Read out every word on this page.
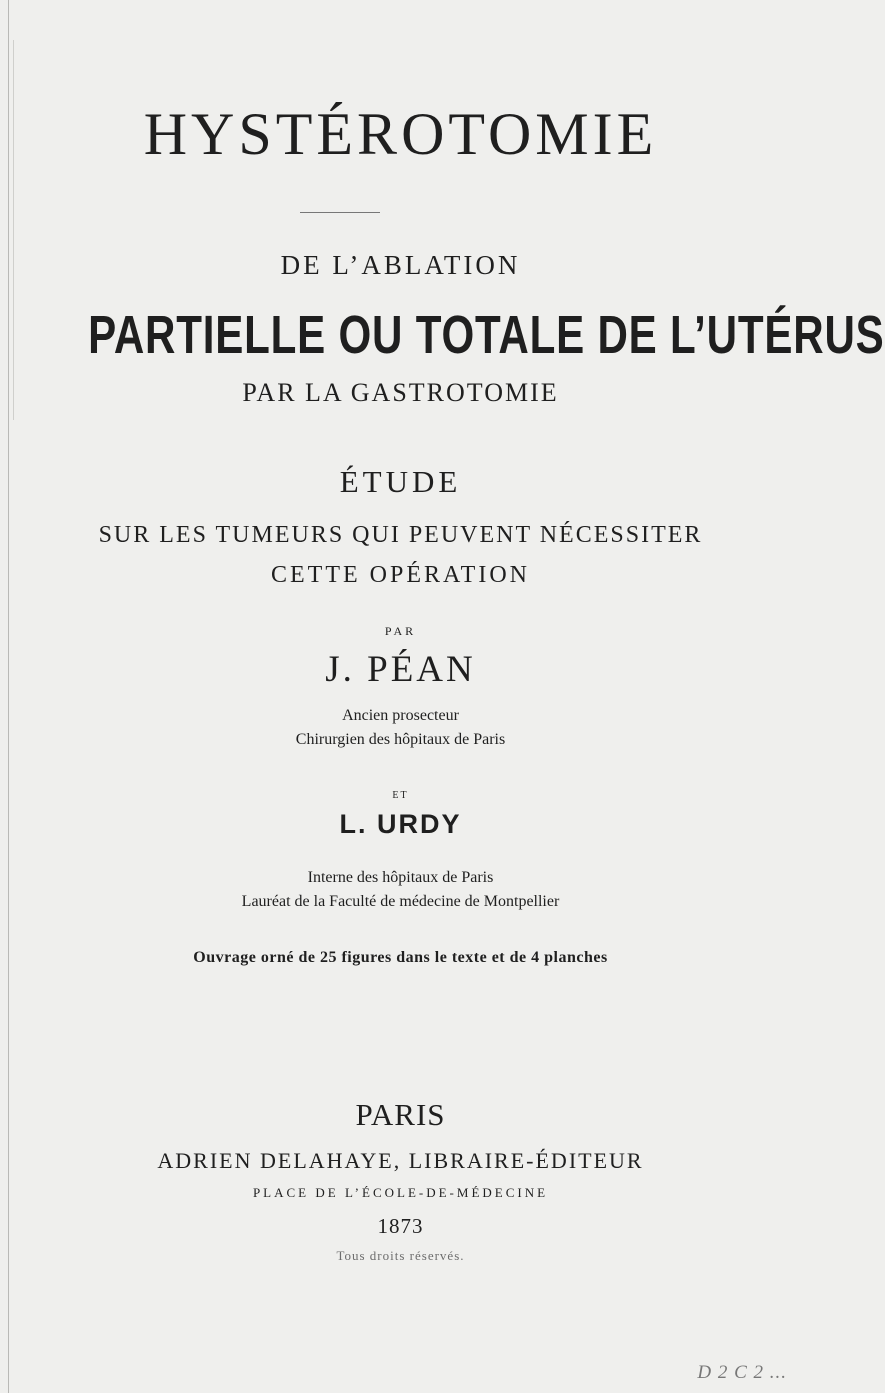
HYSTÉROTOMIE
DE L’ABLATION
PARTIELLE OU TOTALE DE L’UTÉRUS
PAR LA GASTROTOMIE
ÉTUDE
SUR LES TUMEURS QUI PEUVENT NÉCESSITER
CETTE OPÉRATION
PAR
J. PÉAN
Ancien prosecteur
Chirurgien des hôpitaux de Paris
ET
L. URDY
Interne des hôpitaux de Paris
Lauréat de la Faculté de médecine de Montpellier
Ouvrage orné de 25 figures dans le texte et de 4 planches
PARIS
ADRIEN DELAHAYE, LIBRAIRE-ÉDITEUR
PLACE DE L’ÉCOLE-DE-MÉDECINE
1873
Tous droits réservés.
D 2 C 2 ...
